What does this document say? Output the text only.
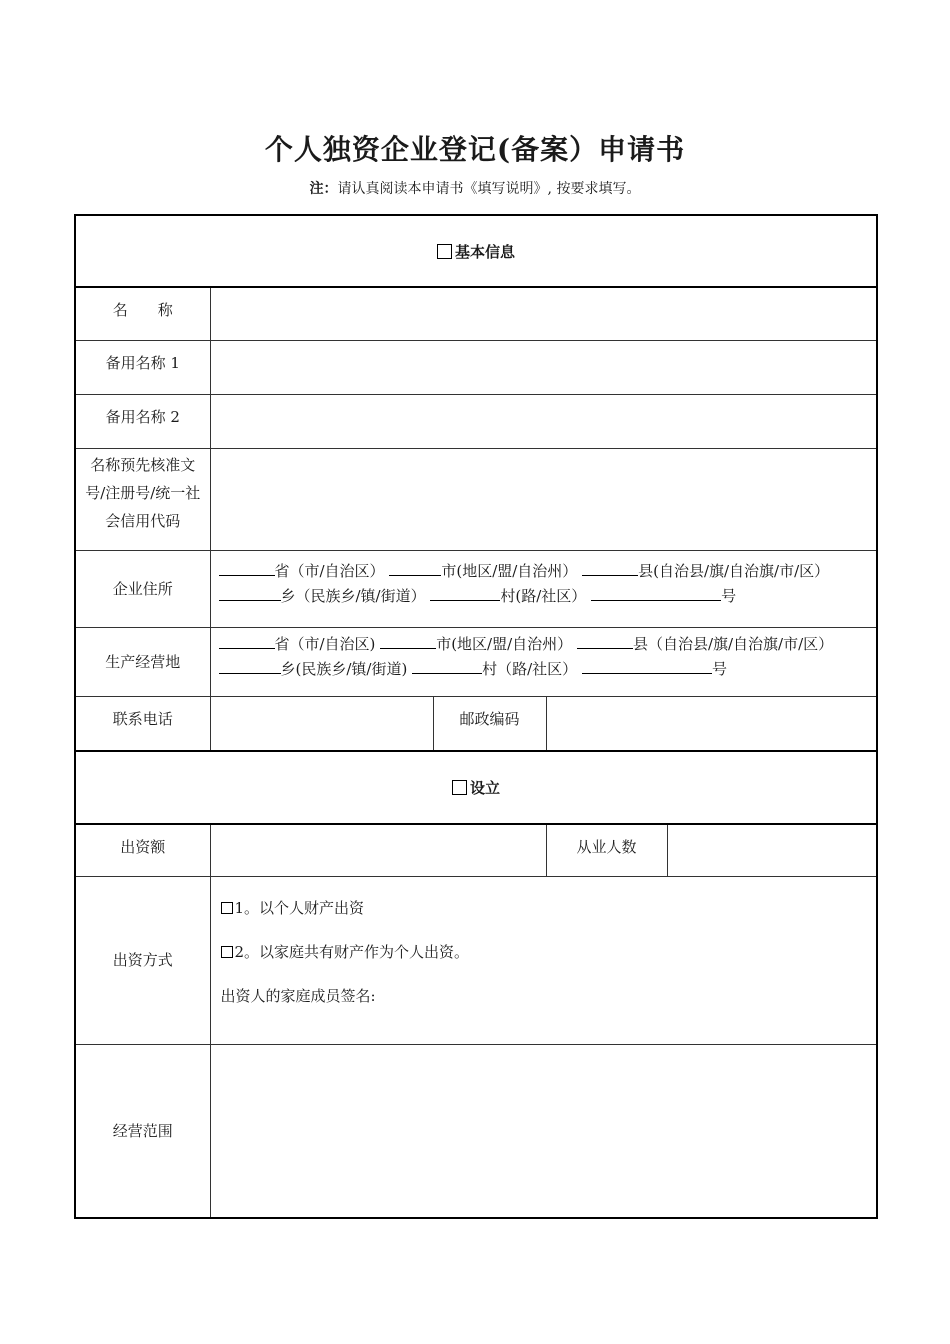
个人独资企业登记(备案）申请书
注：请认真阅读本申请书《填写说明》, 按要求填写。
基本信息				
名　　称				
备用名称 1				
备用名称 2				
名称预先核准文号/注册号/统一社会信用代码				
企业住所	省（市/自治区） 市(地区/盟/自治州） 县(自治县/旗/自治旗/市/区） 乡（民族乡/镇/街道） 村(路/社区） 号			

生产经营地	省（市/自治区) 市(地区/盟/自治州） 县（自治县/旗/自治旗/市/区） 乡(民族乡/镇/街道) 村（路/社区） 号			

联系电话		邮政编码		
设立				
出资额			从业人数	
出资方式	1。以个人财产出资
2。以家庭共有财产作为个人出资。
出资人的家庭成员签名:			

经营范围				
